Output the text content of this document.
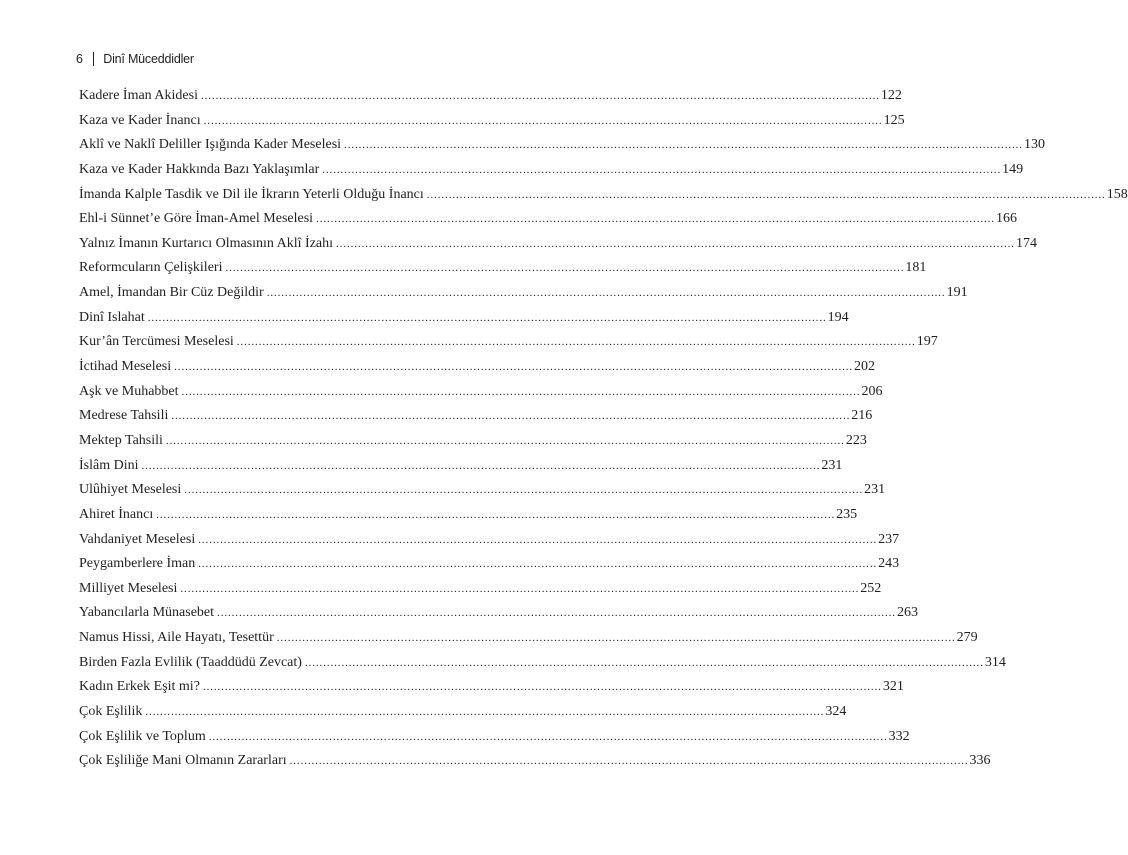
6 Dinî Müceddidler
Kadere İman Akidesi .....	122
Kaza ve Kader İnancı .....	125
Aklî ve Naklî Deliller Işığında Kader Meselesi .....	130
Kaza ve Kader Hakkında Bazı Yaklaşımlar .....	149
İmanda Kalple Tasdik ve Dil ile İkrarın Yeterli Olduğu İnancı .....	158
Ehl-i Sünnet’e Göre İman-Amel Meselesi .....	166
Yalnız İmanın Kurtarıcı Olmasının Aklî İzahı .....	174
Reformcuların Çelişkileri .....	181
Amel, İmandan Bir Cüz Değildir .....	191
Dinî Islahat .....	194
Kur’ân Tercümesi Meselesi .....	197
İctihad Meselesi .....	202
Aşk ve Muhabbet .....	206
Medrese Tahsili .....	216
Mektep Tahsili .....	223
İslâm Dini .....	231
Ulûhiyet Meselesi .....	231
Ahiret İnancı .....	235
Vahdaniyet Meselesi .....	237
Peygamberlere İman .....	243
Milliyet Meselesi .....	252
Yabancılarla Münasebet .....	263
Namus Hissi, Aile Hayatı, Tesettür .....	279
Birden Fazla Evlilik (Taaddüdü Zevcat) .....	314
Kadın Erkek Eşit mi? .....	321
Çok Eşlilik .....	324
Çok Eşlilik ve Toplum .....	332
Çok Eşliliğe Mani Olmanın Zararları .....	336
